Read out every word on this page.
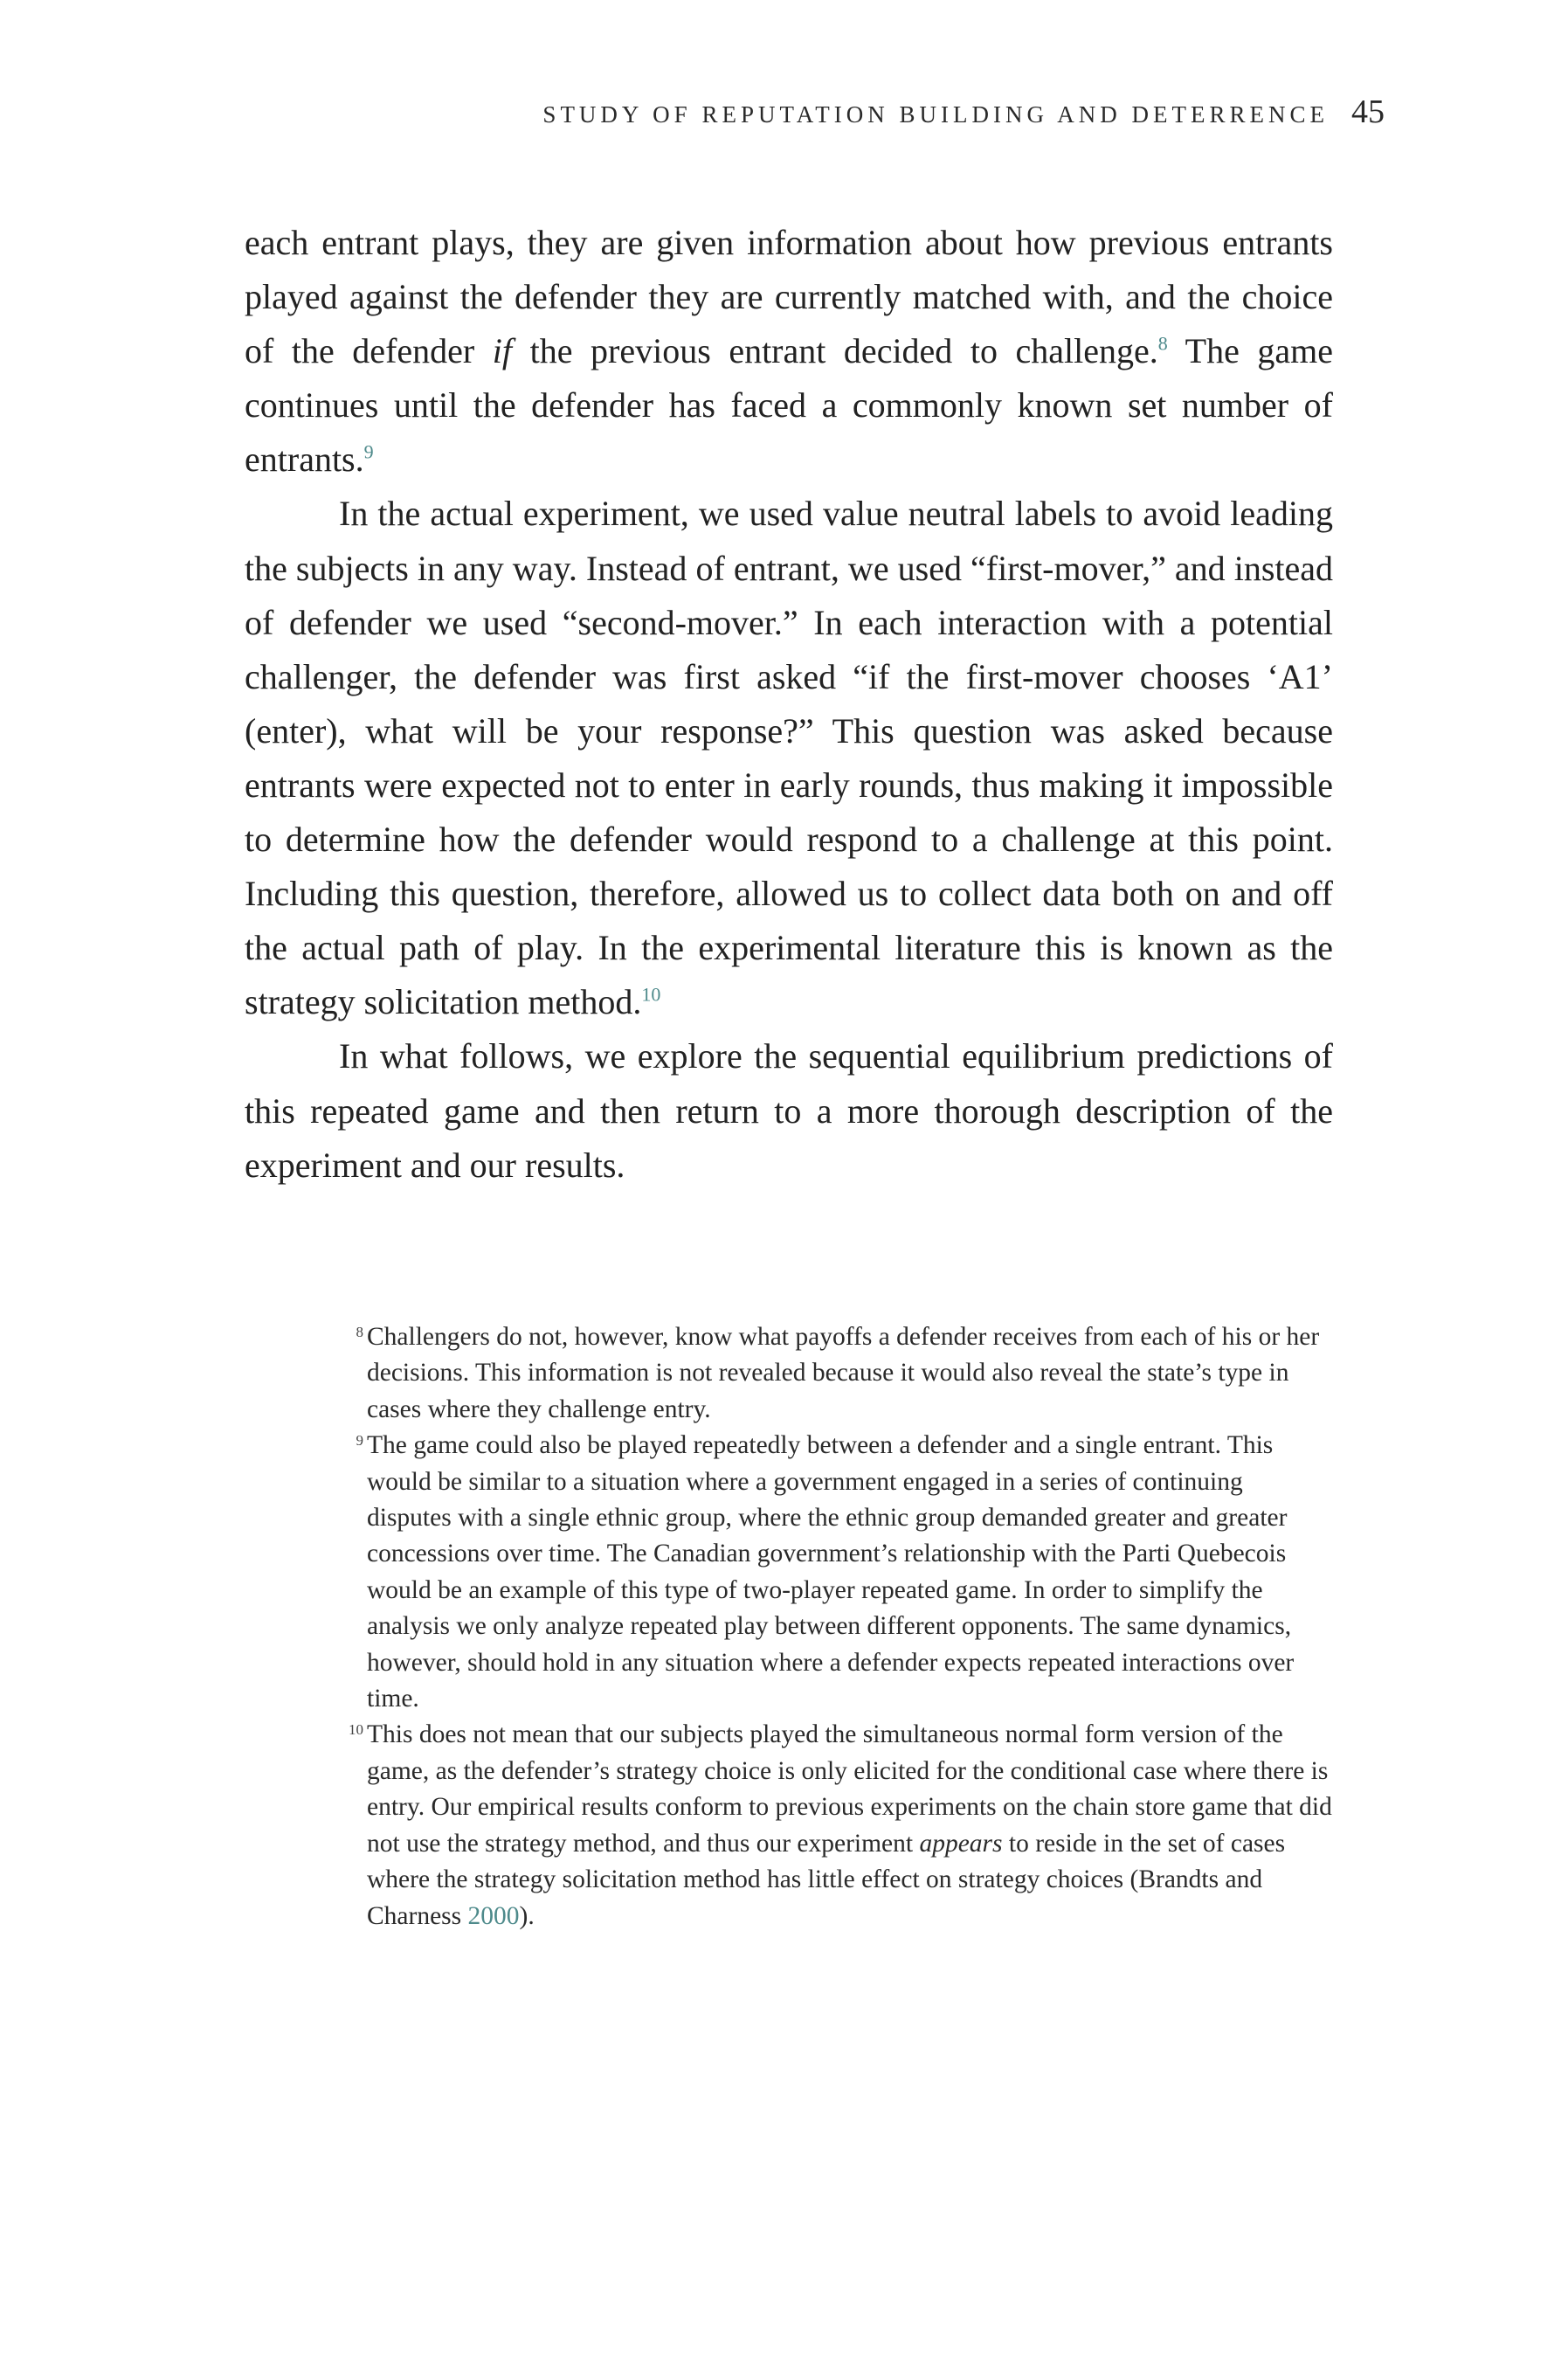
STUDY OF REPUTATION BUILDING AND DETERRENCE 45

each entrant plays, they are given information about how previous entrants played against the defender they are currently matched with, and the choice of the defender if the previous entrant decided to challenge.$^8$ The game continues until the defender has faced a commonly known set number of entrants.$^9$

In the actual experiment, we used value neutral labels to avoid leading the subjects in any way. Instead of entrant, we used “first-mover,” and instead of defender we used “second-mover.” In each interaction with a potential challenger, the defender was first asked “if the first-mover chooses ‘A1’ (enter), what will be your response?” This question was asked because entrants were expected not to enter in early rounds, thus making it impossible to determine how the defender would respond to a challenge at this point. Including this question, therefore, allowed us to collect data both on and off the actual path of play. In the experimental literature this is known as the strategy solicitation method.$^{10}$

In what follows, we explore the sequential equilibrium predictions of this repeated game and then return to a more thorough description of the experiment and our results.

8 Challengers do not, however, know what payoffs a defender receives from each of his or her decisions. This information is not revealed because it would also reveal the state’s type in cases where they challenge entry.

9 The game could also be played repeatedly between a defender and a single entrant. This would be similar to a situation where a government engaged in a series of continuing disputes with a single ethnic group, where the ethnic group demanded greater and greater concessions over time. The Canadian government’s relationship with the Parti Quebecois would be an example of this type of two-player repeated game. In order to simplify the analysis we only analyze repeated play between different opponents. The same dynamics, however, should hold in any situation where a defender expects repeated interactions over time.

10 This does not mean that our subjects played the simultaneous normal form version of the game, as the defender’s strategy choice is only elicited for the conditional case where there is entry. Our empirical results conform to previous experiments on the chain store game that did not use the strategy method, and thus our experiment appears to reside in the set of cases where the strategy solicitation method has little effect on strategy choices (Brandts and Charness 2000).
